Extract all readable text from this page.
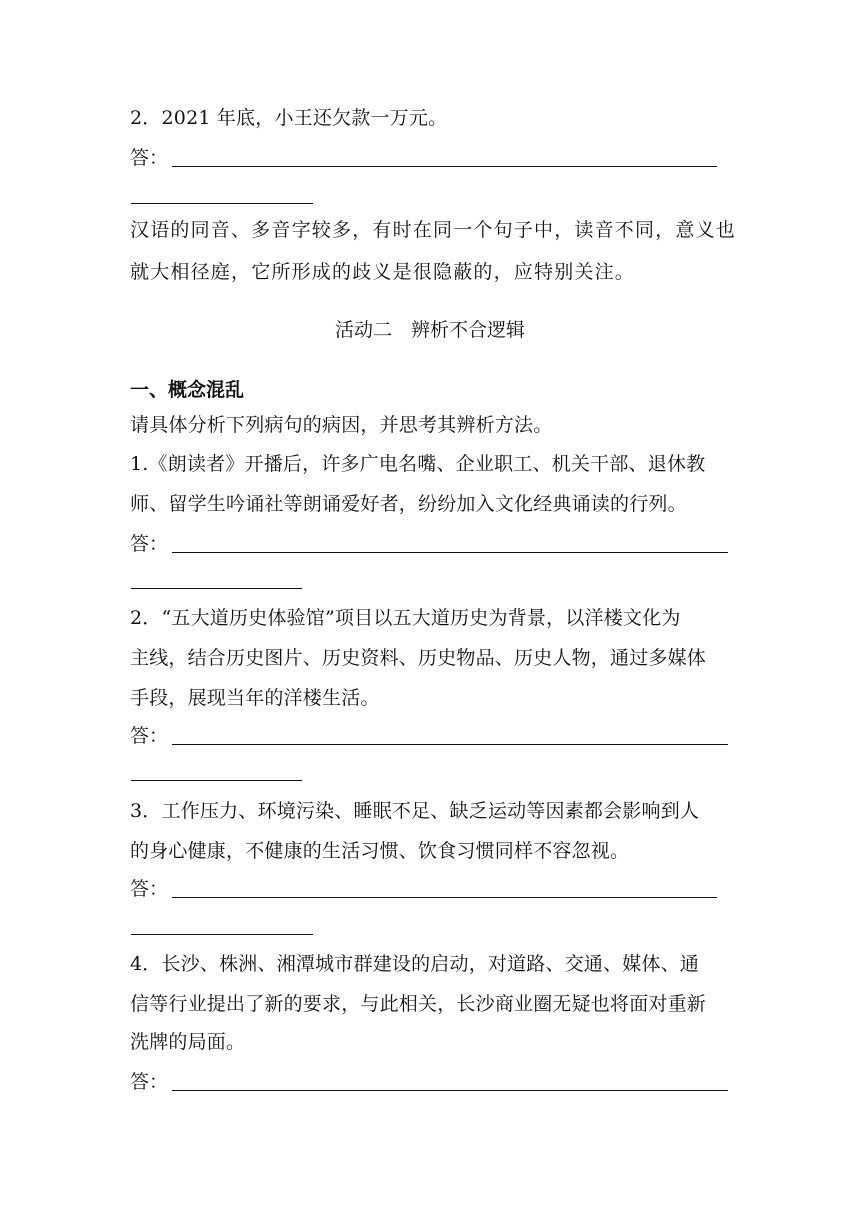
2．2021 年底，小王还欠款一万元。
答：
汉语的同音、多音字较多，有时在同一个句子中，读音不同，意义也
就大相径庭，它所形成的歧义是很隐蔽的，应特别关注。
活动二　辨析不合逻辑
一、概念混乱
请具体分析下列病句的病因，并思考其辨析方法。
1.《朗读者》开播后，许多广电名嘴、企业职工、机关干部、退休教
师、留学生吟诵社等朗诵爱好者，纷纷加入文化经典诵读的行列。
答：
2．“五大道历史体验馆”项目以五大道历史为背景，以洋楼文化为
主线，结合历史图片、历史资料、历史物品、历史人物，通过多媒体
手段，展现当年的洋楼生活。
答：
3．工作压力、环境污染、睡眠不足、缺乏运动等因素都会影响到人
的身心健康，不健康的生活习惯、饮食习惯同样不容忽视。
答：
4．长沙、株洲、湘潭城市群建设的启动，对道路、交通、媒体、通
信等行业提出了新的要求，与此相关，长沙商业圈无疑也将面对重新
洗牌的局面。
答：
